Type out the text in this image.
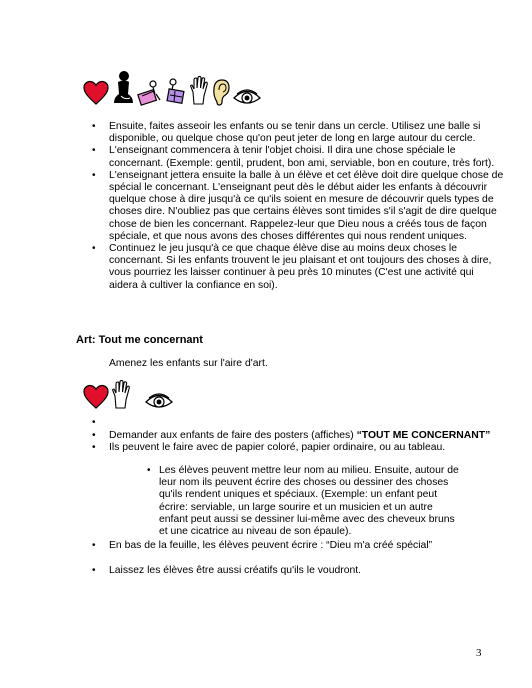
• Ensuite, faites asseoir les enfants ou se tenir dans un cercle. Utilisez une balle si disponible, ou quelque chose qu'on peut jeter de long en large autour du cercle.
• L'enseignant commencera à tenir l'objet choisi. Il dira une chose spéciale le concernant. (Exemple: gentil, prudent, bon ami, serviable, bon en couture, très fort).
• L'enseignant jettera ensuite la balle à un élève et cet élève doit dire quelque chose de spécial le concernant. L'enseignant peut dès le début aider les enfants à découvrir quelque chose à dire jusqu'à ce qu'ils soient en mesure de découvrir quels types de choses dire. N'oubliez pas que certains élèves sont timides s'il s'agit de dire quelque chose de bien les concernant. Rappelez-leur que Dieu nous a créés tous de façon spéciale, et que nous avons des choses différentes qui nous rendent uniques.
• Continuez le jeu jusqu'à ce que chaque élève dise au moins deux choses le concernant. Si les enfants trouvent le jeu plaisant et ont toujours des choses à dire, vous pourriez les laisser continuer à peu près 10 minutes (C'est une activité qui aidera à cultiver la confiance en soi).
Art: Tout me concernant
Amenez les enfants sur l'aire d'art.
•
• Demander aux enfants de faire des posters (affiches) “TOUT ME CONCERNANT”
• Ils peuvent le faire avec de papier coloré, papier ordinaire, ou au tableau.
• Les élèves peuvent mettre leur nom au milieu. Ensuite, autour de leur nom ils peuvent écrire des choses ou dessiner des choses qu'ils rendent uniques et spéciaux. (Exemple: un enfant peut écrire: serviable, un large sourire et un musicien et un autre enfant peut aussi se dessiner lui-même avec des cheveux bruns et une cicatrice au niveau de son épaule).
• En bas de la feuille, les élèves peuvent écrire : “Dieu m'a créé spécial”
• Laissez les élèves être aussi créatifs qu'ils le voudront.
3
